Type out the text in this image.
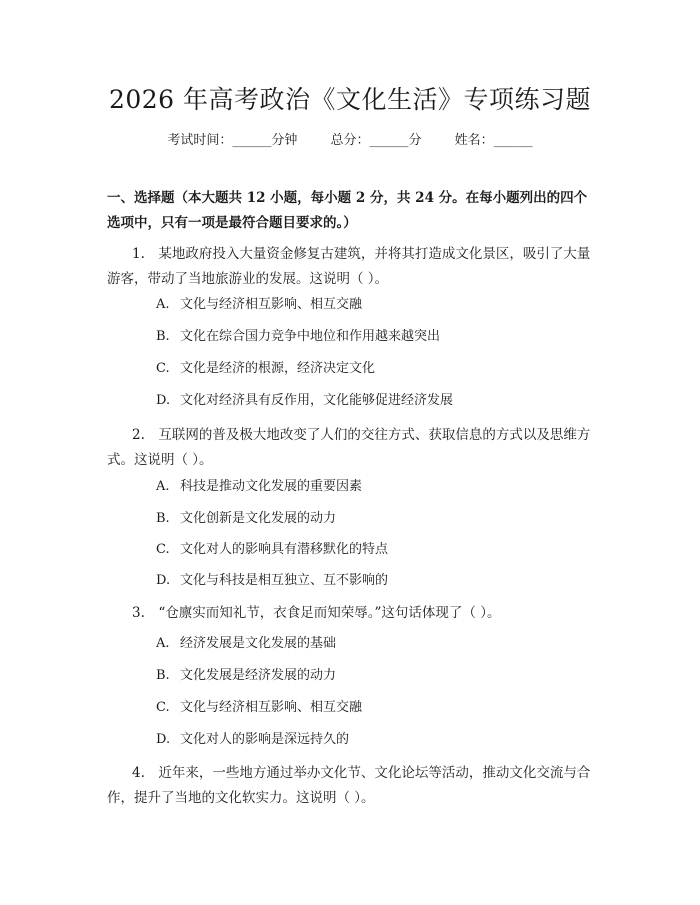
2026 年高考政治《文化生活》专项练习题
考试时间：______分钟	总分：______分	姓名：______
一、选择题（本大题共 12 小题，每小题 2 分，共 24 分。在每小题列出的四个选项中，只有一项是最符合题目要求的。）
1.　某地政府投入大量资金修复古建筑，并将其打造成文化景区，吸引了大量游客，带动了当地旅游业的发展。这说明（ ）。
A. 文化与经济相互影响、相互交融
B. 文化在综合国力竞争中地位和作用越来越突出
C. 文化是经济的根源，经济决定文化
D. 文化对经济具有反作用，文化能够促进经济发展
2.　互联网的普及极大地改变了人们的交往方式、获取信息的方式以及思维方式。这说明（ ）。
A. 科技是推动文化发展的重要因素
B. 文化创新是文化发展的动力
C. 文化对人的影响具有潜移默化的特点
D. 文化与科技是相互独立、互不影响的
3.　“仓廪实而知礼节，衣食足而知荣辱。”这句话体现了（ ）。
A. 经济发展是文化发展的基础
B. 文化发展是经济发展的动力
C. 文化与经济相互影响、相互交融
D. 文化对人的影响是深远持久的
4.　近年来，一些地方通过举办文化节、文化论坛等活动，推动文化交流与合作，提升了当地的文化软实力。这说明（ ）。
